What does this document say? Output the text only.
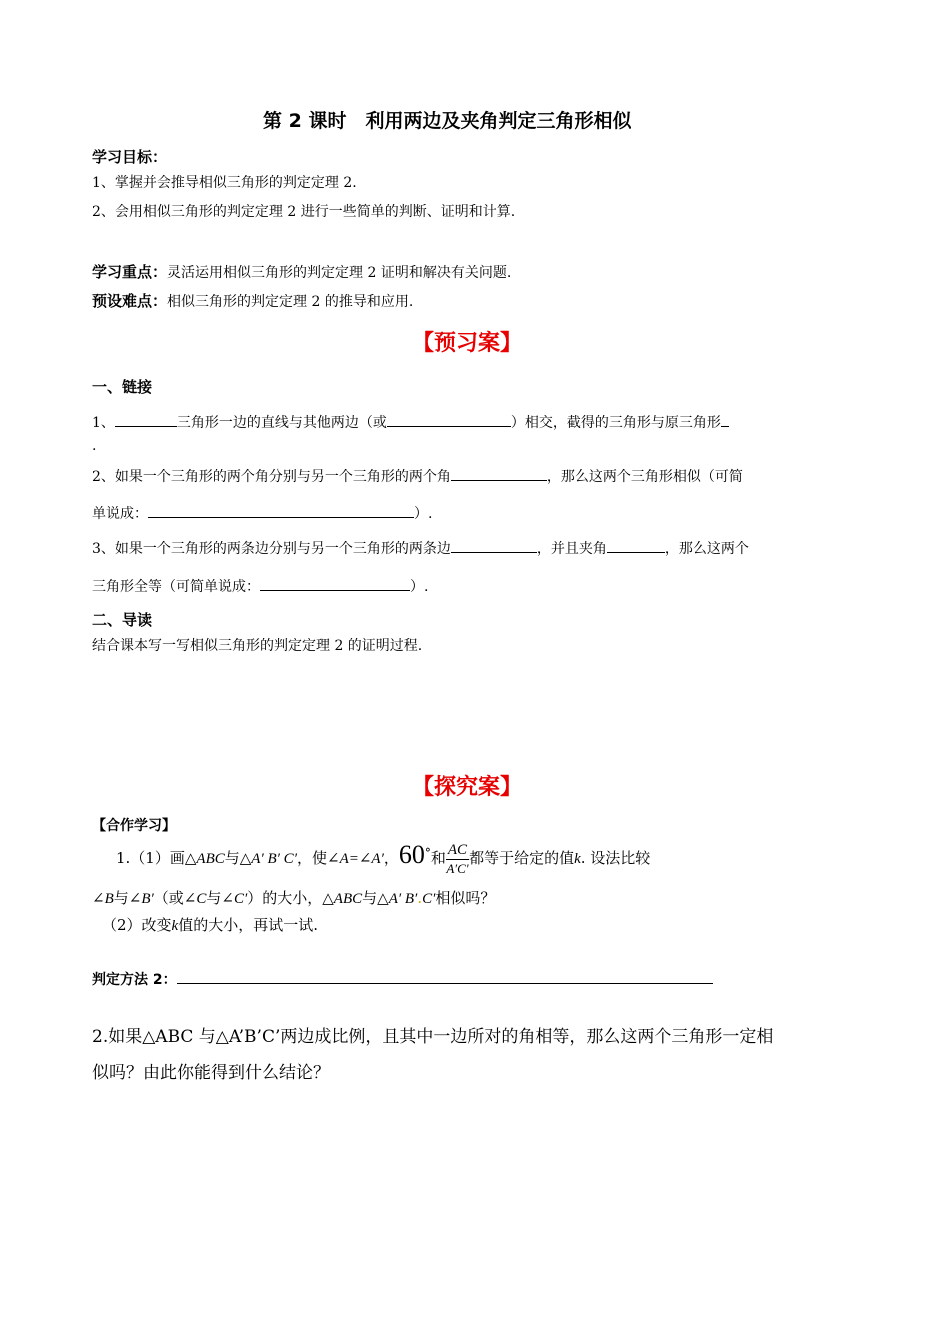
第 2 课时　利用两边及夹角判定三角形相似
学习目标：
1、掌握并会推导相似三角形的判定定理 2.
2、会用相似三角形的判定定理 2 进行一些简单的判断、证明和计算.
学习重点：灵活运用相似三角形的判定定理 2 证明和解决有关问题.
预设难点：相似三角形的判定定理 2 的推导和应用.
【预习案】
一、链接
1、	三角形一边的直线与其他两边（或	）相交，截得的三角形与原三角形
.
2、如果一个三角形的两个角分别与另一个三角形的两个角	，那么这两个三角形相似（可简
单说成：	）.
3、如果一个三角形的两条边分别与另一个三角形的两条边	，并且夹角	，那么这两个
三角形全等（可简单说成：	）.
二、导读
结合课本写一写相似三角形的判定定理 2 的证明过程.
【探究案】
【合作学习】
1.（1）画△ABC与△A′ B′ C′，使∠A=∠A′，60°和 $\frac{AC}{A'C'}$ 都等于给定的值k. 设法比较
∠B与∠B′（或∠C与∠C′）的大小，△ABC与△A′ B′.C′相似吗？
（2）改变k值的大小，再试一试.
判定方法 2：
2.如果△ABC 与△A’B’C’两边成比例，且其中一边所对的角相等，那么这两个三角形一定相
似吗？由此你能得到什么结论？
